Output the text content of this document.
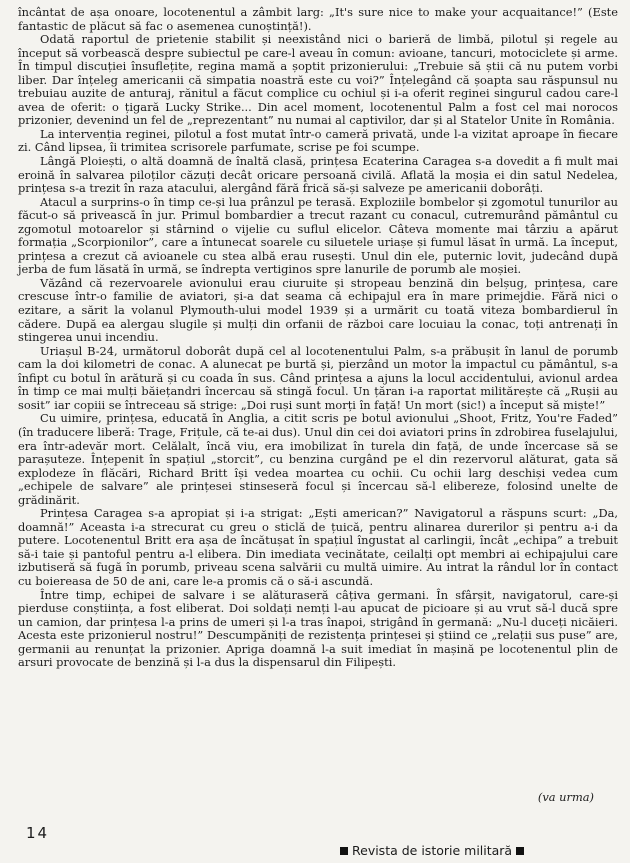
încântat de așa onoare, locotenentul a zâmbit larg: „It's sure nice to make your acquaitance!” (Este fantastic de plăcut să fac o asemenea cunoștință!).

Odată raportul de prietenie stabilit și neexistând nici o barieră de limbă, pilotul și regele au început să vorbească despre subiectul pe care-l aveau în comun: avioane, tancuri, motociclete și arme. În timpul discuției însuflețite, regina mamă a șoptit prizonierului: „Trebuie să știi că nu putem vorbi liber. Dar înțeleg americanii că simpatia noastră este cu voi?” Înțelegând că șoapta sau răspunsul nu trebuiau auzite de anturaj, rănitul a făcut complice cu ochiul și i-a oferit reginei singurul cadou care-l avea de oferit: o țigară Lucky Strike... Din acel moment, locotenentul Palm a fost cel mai norocos prizonier, devenind un fel de „reprezentant” nu numai al captivilor, dar și al Statelor Unite în România.

La intervenția reginei, pilotul a fost mutat într-o cameră privată, unde l-a vizitat aproape în fiecare zi. Când lipsea, îi trimitea scrisorele parfumate, scrise pe foi scumpe.

Lângă Ploiești, o altă doamnă de înaltă clasă, prințesa Ecaterina Caragea s-a dovedit a fi mult mai eroină în salvarea piloților căzuți decât oricare persoană civilă. Aflată la moșia ei din satul Nedelea, prințesa s-a trezit în raza atacului, alergând fără frică să-și salveze pe americanii doborâți.

Atacul a surprins-o în timp ce-și lua prânzul pe terasă. Exploziile bombelor și zgomotul tunurilor au făcut-o să privească în jur. Primul bombardier a trecut razant cu conacul, cutremurând pământul cu zgomotul motoarelor și stârnind o vijelie cu suflul elicelor. Câteva momente mai târziu a apărut formația „Scorpionilor”, care a întunecat soarele cu siluetele uriașe și fumul lăsat în urmă. La început, prințesa a crezut că avioanele cu stea albă erau rusești. Unul din ele, puternic lovit, judecând după jerba de fum lăsată în urmă, se îndrepta vertiginos spre lanurile de porumb ale moșiei.

Văzând că rezervoarele avionului erau ciuruite și stropeau benzină din belșug, prințesa, care crescuse într-o familie de aviatori, și-a dat seama că echipajul era în mare primejdie. Fără nici o ezitare, a sărit la volanul Plymouth-ului model 1939 și a urmărit cu toată viteza bombardierul în cădere. După ea alergau slugile și mulți din orfanii de război care locuiau la conac, toți antrenați în stingerea unui incendiu.

Uriașul B-24, următorul doborât după cel al locotenentului Palm, s-a prăbușit în lanul de porumb cam la doi kilometri de conac. A alunecat pe burtă și, pierzând un motor la impactul cu pământul, s-a înfipt cu botul în arătură și cu coada în sus. Când prințesa a ajuns la locul accidentului, avionul ardea în timp ce mai mulți băiețandri încercau să stingă focul. Un țăran i-a raportat militărește că „Rușii au sosit” iar copiii se întreceau să strige: „Doi ruși sunt morți în față! Un mort (sic!) a început să miște!”

Cu uimire, prințesa, educată în Anglia, a citit scris pe botul avionului „Shoot, Fritz, You're Faded” (în traducere liberă: Trage, Frițule, că te-ai dus). Unul din cei doi aviatori prins în zdrobirea fuselajului, era într-adevăr mort. Celălalt, încă viu, era imobilizat în turela din față, de unde încercase să se parașuteze. Înțepenit în spațiul „storcit”, cu benzina curgând pe el din rezervorul alăturat, gata să explodeze în flăcări, Richard Britt își vedea moartea cu ochii. Cu ochii larg deschiși vedea cum „echipele de salvare” ale prințesei stinseseră focul și încercau să-l elibereze, folosind unelte de grădinărit.

Prințesa Caragea s-a apropiat și i-a strigat: „Ești american?” Navigatorul a răspuns scurt: „Da, doamnă!” Aceasta i-a strecurat cu greu o sticlă de țuică, pentru alinarea durerilor și pentru a-i da putere. Locotenentul Britt era așa de încătușat în spațiul îngustat al carlingii, încât „echipa” a trebuit să-i taie și pantoful pentru a-l elibera. Din imediata vecinătate, ceilalți opt membri ai echipajului care izbutiseră să fugă în porumb, priveau scena salvării cu multă uimire. Au intrat la rândul lor în contact cu boiereasa de 50 de ani, care le-a promis că o să-i ascundă.

Între timp, echipei de salvare i se alăturaseră câțiva germani. În sfârșit, navigatorul, care-și pierduse conștiința, a fost eliberat. Doi soldați nemți l-au apucat de picioare și au vrut să-l ducă spre un camion, dar prințesa l-a prins de umeri și l-a tras înapoi, strigând în germană: „Nu-l duceți nicăieri. Acesta este prizonierul nostru!” Descumpăniți de rezistența prințesei și știind ce „relații sus puse” are, germanii au renunțat la prizonier. Aprigа doamnă l-a suit imediat în mașină pe locotenentul plin de arsuri provocate de benzină și l-a dus la dispensarul din Filipești.

(va urma)
14
Revista de istorie militară
